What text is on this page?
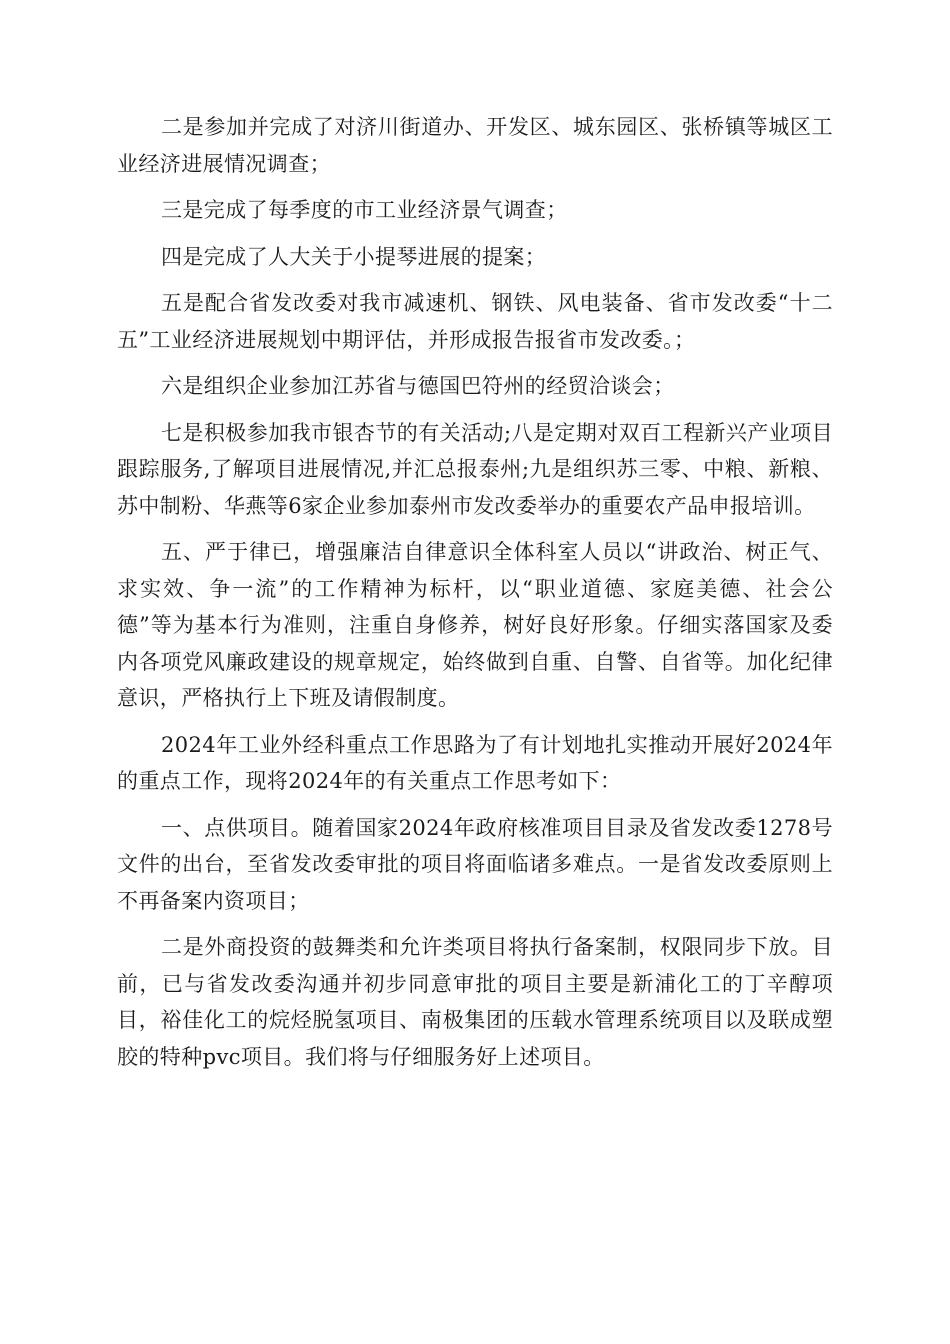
二是参加并完成了对济川街道办、开发区、城东园区、张桥镇等城区工业经济进展情况调查；

三是完成了每季度的市工业经济景气调查；

四是完成了人大关于小提琴进展的提案；

五是配合省发改委对我市减速机、钢铁、风电装备、省市发改委“十二五”工业经济进展规划中期评估，并形成报告报省市发改委。；

六是组织企业参加江苏省与德国巴符州的经贸洽谈会；

七是积极参加我市银杏节的有关活动;八是定期对双百工程新兴产业项目跟踪服务,了解项目进展情况,并汇总报泰州;九是组织苏三零、中粮、新粮、苏中制粉、华燕等6家企业参加泰州市发改委举办的重要农产品申报培训。

五、严于律已，增强廉洁自律意识全体科室人员以“讲政治、树正气、求实效、争一流”的工作精神为标杆，以“职业道德、家庭美德、社会公德”等为基本行为准则，注重自身修养，树好良好形象。仔细实落国家及委内各项党风廉政建设的规章规定，始终做到自重、自警、自省等。加化纪律意识，严格执行上下班及请假制度。

2024年工业外经科重点工作思路为了有计划地扎实推动开展好2024年的重点工作，现将2024年的有关重点工作思考如下：

一、点供项目。随着国家2024年政府核准项目目录及省发改委1278号文件的出台，至省发改委审批的项目将面临诸多难点。一是省发改委原则上不再备案内资项目；

二是外商投资的鼓舞类和允许类项目将执行备案制，权限同步下放。目前，已与省发改委沟通并初步同意审批的项目主要是新浦化工的丁辛醇项目，裕佳化工的烷烃脱氢项目、南极集团的压载水管理系统项目以及联成塑胶的特种pvc项目。我们将与仔细服务好上述项目。
